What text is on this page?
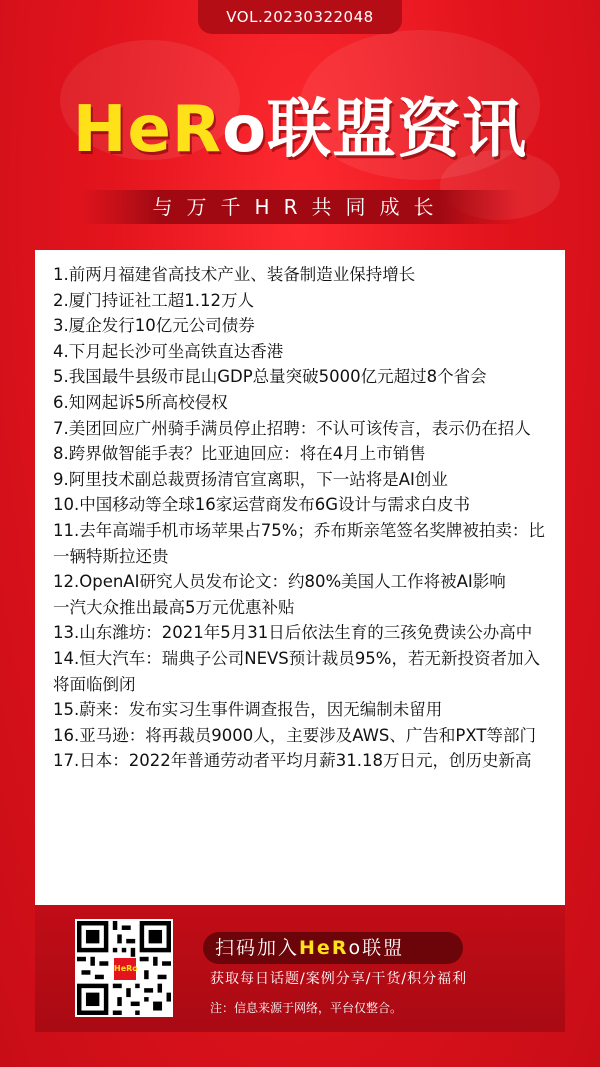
VOL.20230322048
HeRo联盟资讯
与万千HR共同成长
1.前两月福建省高技术产业、装备制造业保持增长
2.厦门持证社工超1.12万人
3.厦企发行10亿元公司债券
4.下月起长沙可坐高铁直达香港
5.我国最牛县级市昆山GDP总量突破5000亿元超过8个省会
6.知网起诉5所高校侵权
7.美团回应广州骑手满员停止招聘：不认可该传言，表示仍在招人
8.跨界做智能手表？比亚迪回应：将在4月上市销售
9.阿里技术副总裁贾扬清官宣离职，下一站将是AI创业
10.中国移动等全球16家运营商发布6G设计与需求白皮书
11.去年高端手机市场苹果占75%；乔布斯亲笔签名奖牌被拍卖：比一辆特斯拉还贵
12.OpenAI研究人员发布论文：约80%美国人工作将被AI影响
一汽大众推出最高5万元优惠补贴
13.山东潍坊：2021年5月31日后依法生育的三孩免费读公办高中
14.恒大汽车：瑞典子公司NEVS预计裁员95%，若无新投资者加入将面临倒闭
15.蔚来：发布实习生事件调查报告，因无编制未留用
16.亚马逊：将再裁员9000人，主要涉及AWS、广告和PXT等部门
17.日本：2022年普通劳动者平均月薪31.18万日元，创历史新高
HeRo
扫码加入HeRo联盟
获取每日话题/案例分享/干货/积分福利
注：信息来源于网络，平台仅整合。
